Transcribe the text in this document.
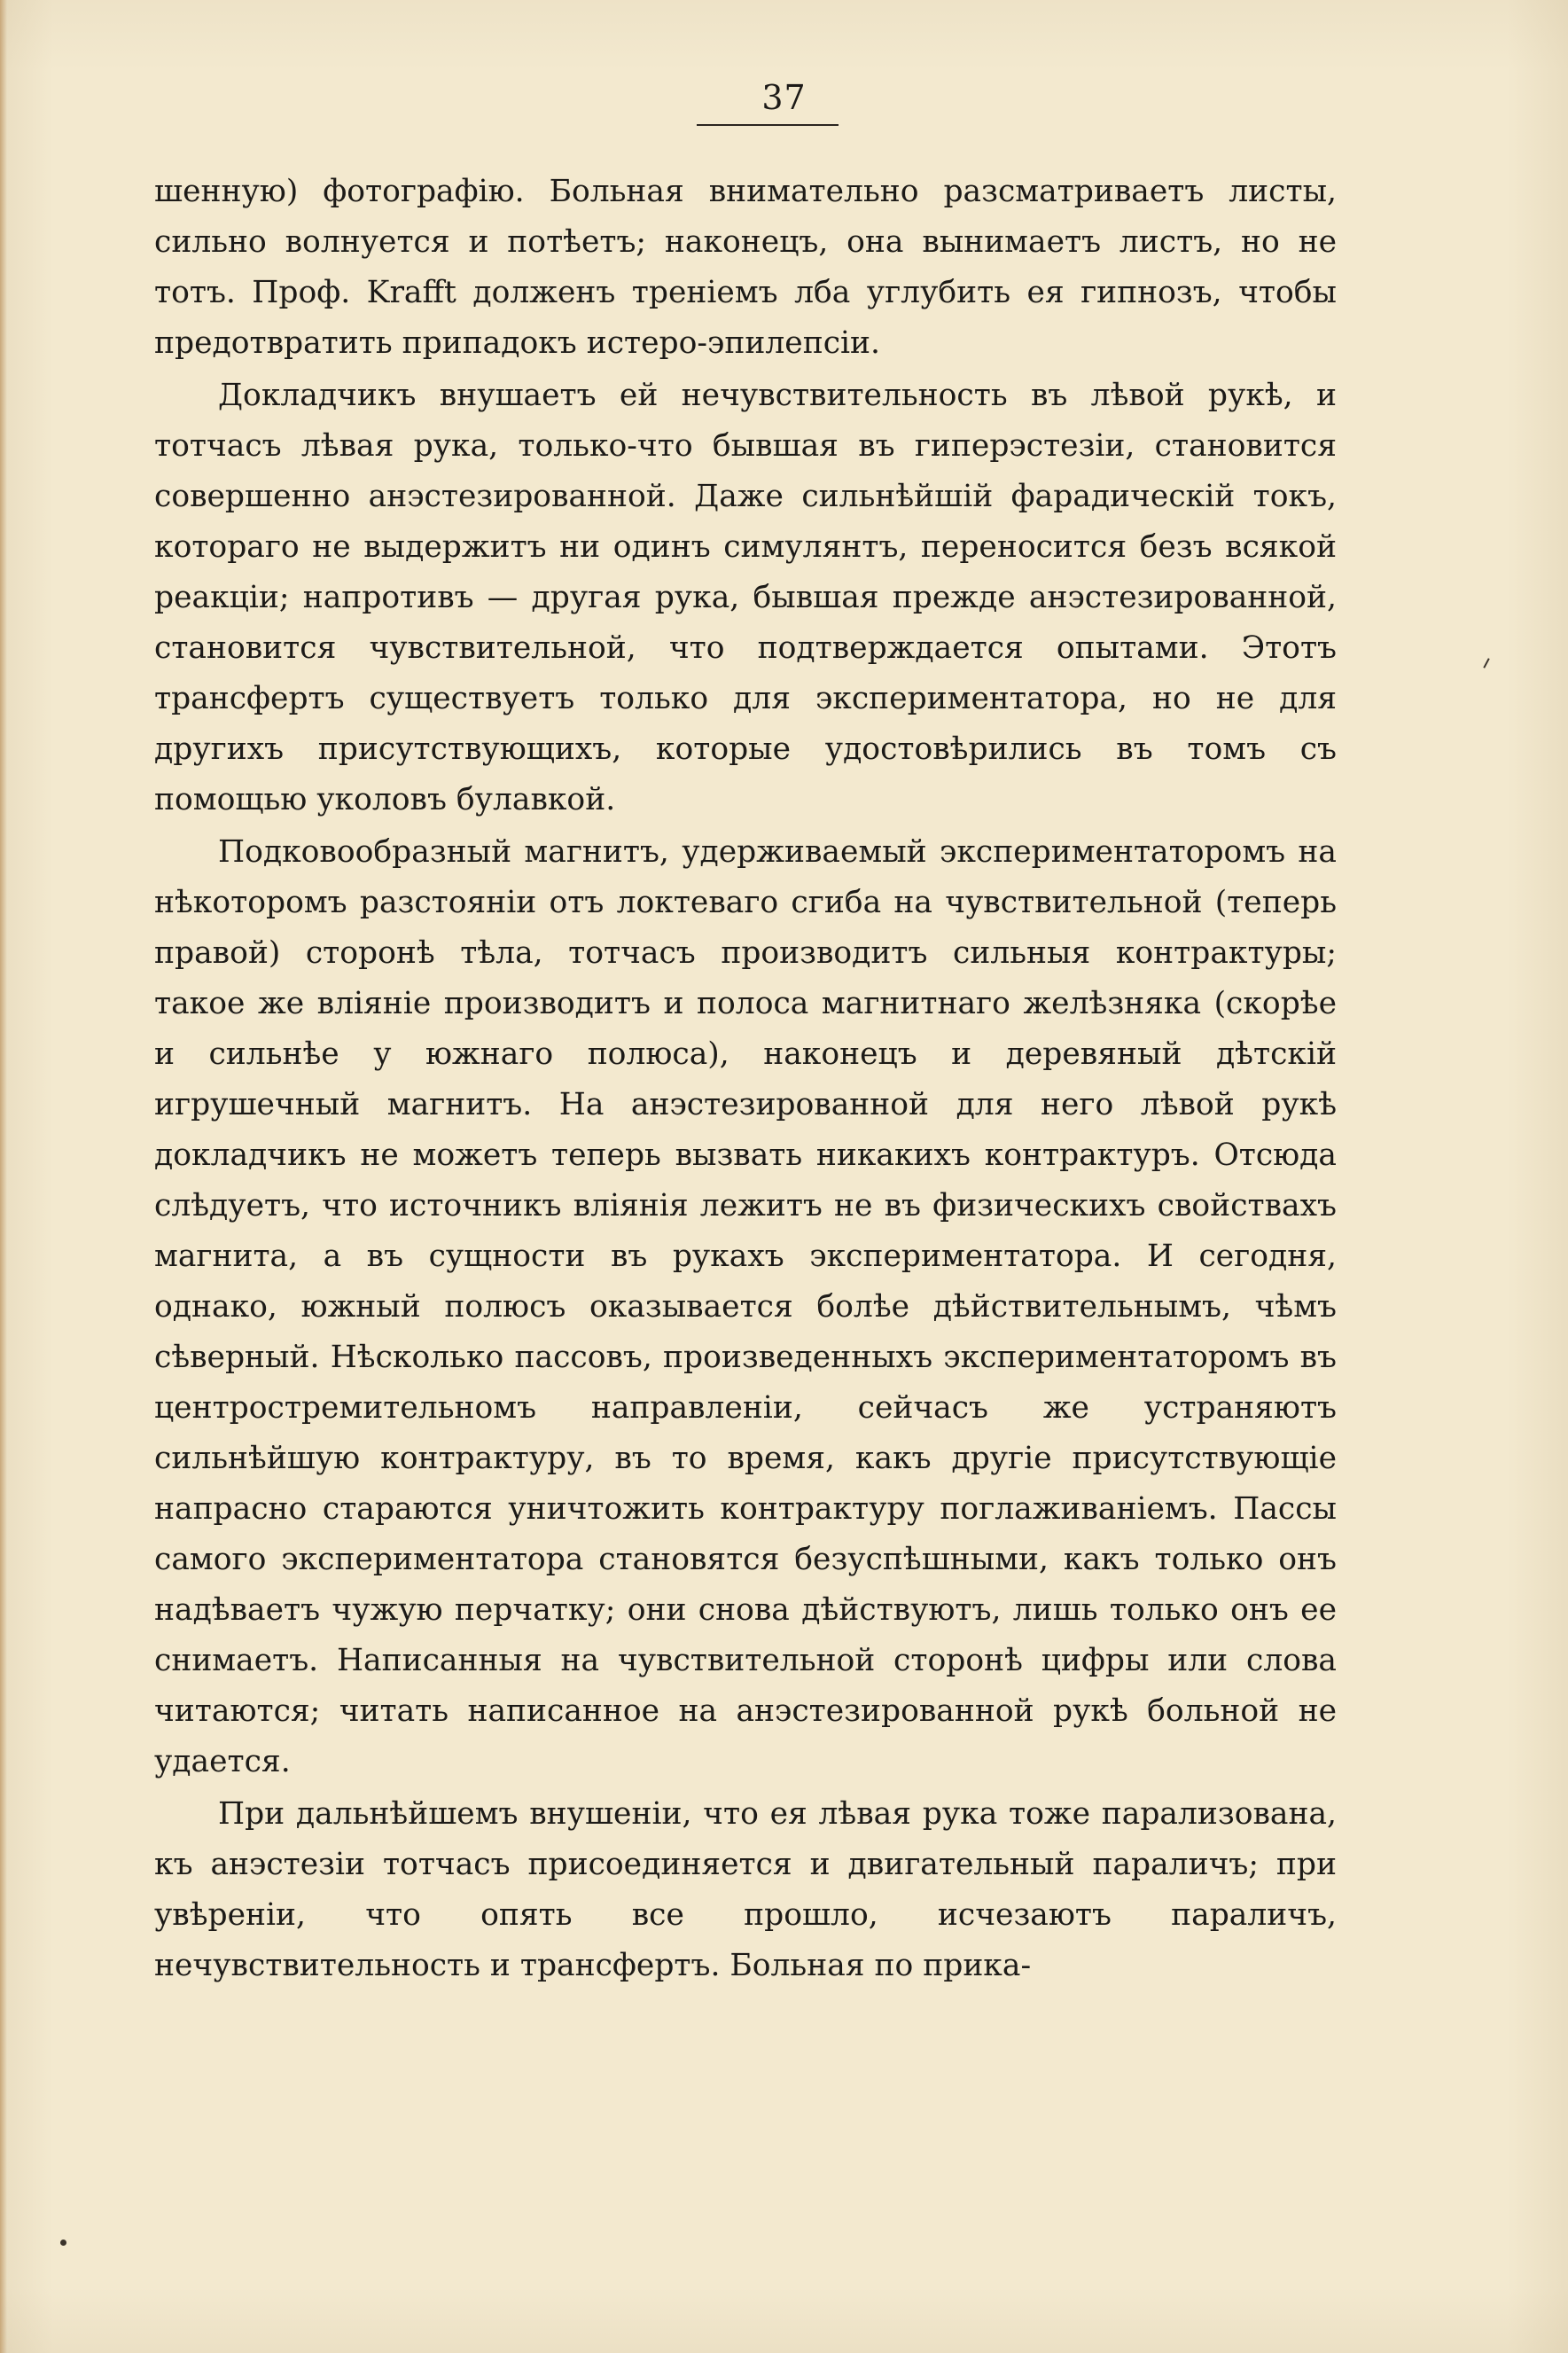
37

шенную) фотографію. Больная внимательно разсматриваетъ листы, сильно волнуется и потѣетъ; наконецъ, она вынимаетъ листъ, но не тотъ. Проф. Krafft долженъ треніемъ лба углубить ея гипнозъ, чтобы предотвратить припадокъ истеро-эпилепсіи.

Докладчикъ внушаетъ ей нечувствительность въ лѣвой рукѣ, и тотчасъ лѣвая рука, только-что бывшая въ гиперэстезіи, становится совершенно анэстезированной. Даже сильнѣйшій фарадическій токъ, котораго не выдержитъ ни одинъ симулянтъ, переносится безъ всякой реакціи; напротивъ — другая рука, бывшая прежде анэстезированной, становится чувствительной, что подтверждается опытами. Этотъ трансфертъ существуетъ только для экспериментатора, но не для другихъ присутствующихъ, которые удостовѣрились въ томъ съ помощью уколовъ булавкой.

Подковообразный магнитъ, удерживаемый экспериментаторомъ на нѣкоторомъ разстояніи отъ локтеваго сгиба на чувствительной (теперь правой) сторонѣ тѣла, тотчасъ производитъ сильныя контрактуры; такое же вліяніе производитъ и полоса магнитнаго желѣзняка (скорѣе и сильнѣе у южнаго полюса), наконецъ и деревяный дѣтскій игрушечный магнитъ. На анэстезированной для него лѣвой рукѣ докладчикъ не можетъ теперь вызвать никакихъ контрактуръ. Отсюда слѣдуетъ, что источникъ вліянія лежитъ не въ физическихъ свойствахъ магнита, а въ сущности въ рукахъ экспериментатора. И сегодня, однако, южный полюсъ оказывается болѣе дѣйствительнымъ, чѣмъ сѣверный. Нѣсколько пассовъ, произведенныхъ экспериментаторомъ въ центростремительномъ направленіи, сейчасъ же устраняютъ сильнѣйшую контрактуру, въ то время, какъ другіе присутствующіе напрасно стараются уничтожить контрактуру поглаживаніемъ. Пассы самого экспериментатора становятся безуспѣшными, какъ только онъ надѣваетъ чужую перчатку; они снова дѣйствуютъ, лишь только онъ ее снимаетъ. Написанныя на чувствительной сторонѣ цифры или слова читаются; читать написанное на анэстезированной рукѣ больной не удается.

При дальнѣйшемъ внушеніи, что ея лѣвая рука тоже парализована, къ анэстезіи тотчасъ присоединяется и двигательный параличъ; при увѣреніи, что опять все прошло, исчезаютъ параличъ, нечувствительность и трансфертъ. Больная по прика-
